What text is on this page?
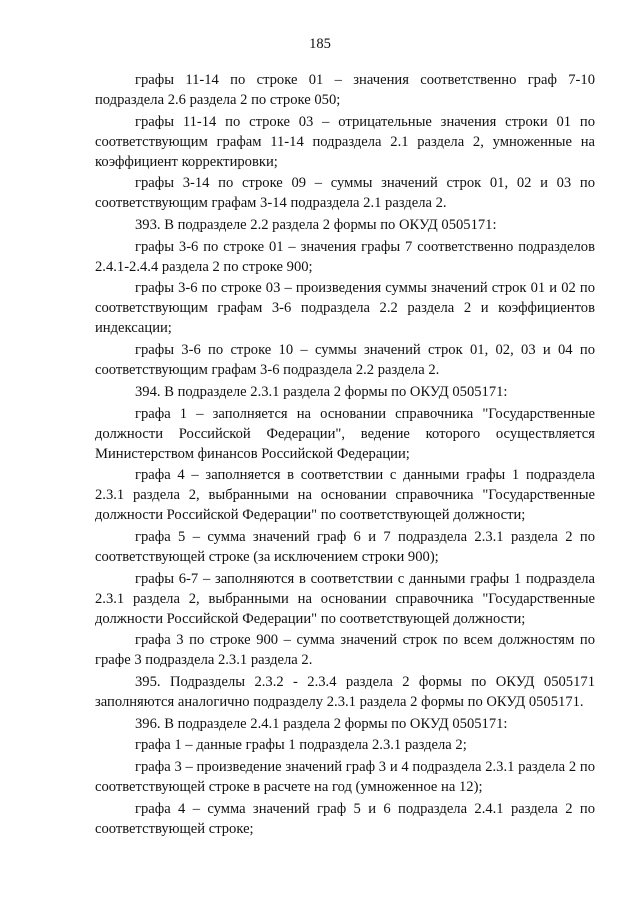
185

графы 11-14 по строке 01 – значения соответственно граф 7-10 подраздела 2.6 раздела 2 по строке 050;

графы 11-14 по строке 03 – отрицательные значения строки 01 по соответствующим графам 11-14 подраздела 2.1 раздела 2, умноженные на коэффициент корректировки;

графы 3-14 по строке 09 – суммы значений строк 01, 02 и 03 по соответствующим графам 3-14 подраздела 2.1 раздела 2.

393. В подразделе 2.2 раздела 2 формы по ОКУД 0505171:

графы 3-6 по строке 01 – значения графы 7 соответственно подразделов 2.4.1-2.4.4 раздела 2 по строке 900;

графы 3-6 по строке 03 – произведения суммы значений строк 01 и 02 по соответствующим графам 3-6 подраздела 2.2 раздела 2 и коэффициентов индексации;

графы 3-6 по строке 10 – суммы значений строк 01, 02, 03 и 04 по соответствующим графам 3-6 подраздела 2.2 раздела 2.

394. В подразделе 2.3.1 раздела 2 формы по ОКУД 0505171:

графа 1 – заполняется на основании справочника "Государственные должности Российской Федерации", ведение которого осуществляется Министерством финансов Российской Федерации;

графа 4 – заполняется в соответствии с данными графы 1 подраздела 2.3.1 раздела 2, выбранными на основании справочника "Государственные должности Российской Федерации" по соответствующей должности;

графа 5 – сумма значений граф 6 и 7 подраздела 2.3.1 раздела 2 по соответствующей строке (за исключением строки 900);

графы 6-7 – заполняются в соответствии с данными графы 1 подраздела 2.3.1 раздела 2, выбранными на основании справочника "Государственные должности Российской Федерации" по соответствующей должности;

графа 3 по строке 900 – сумма значений строк по всем должностям по графе 3 подраздела 2.3.1 раздела 2.

395. Подразделы 2.3.2 - 2.3.4 раздела 2 формы по ОКУД 0505171 заполняются аналогично подразделу 2.3.1 раздела 2 формы по ОКУД 0505171.

396. В подразделе 2.4.1 раздела 2 формы по ОКУД 0505171:

графа 1 – данные графы 1 подраздела 2.3.1 раздела 2;

графа 3 – произведение значений граф 3 и 4 подраздела 2.3.1 раздела 2 по соответствующей строке в расчете на год (умноженное на 12);

графа 4 – сумма значений граф 5 и 6 подраздела 2.4.1 раздела 2 по соответствующей строке;
